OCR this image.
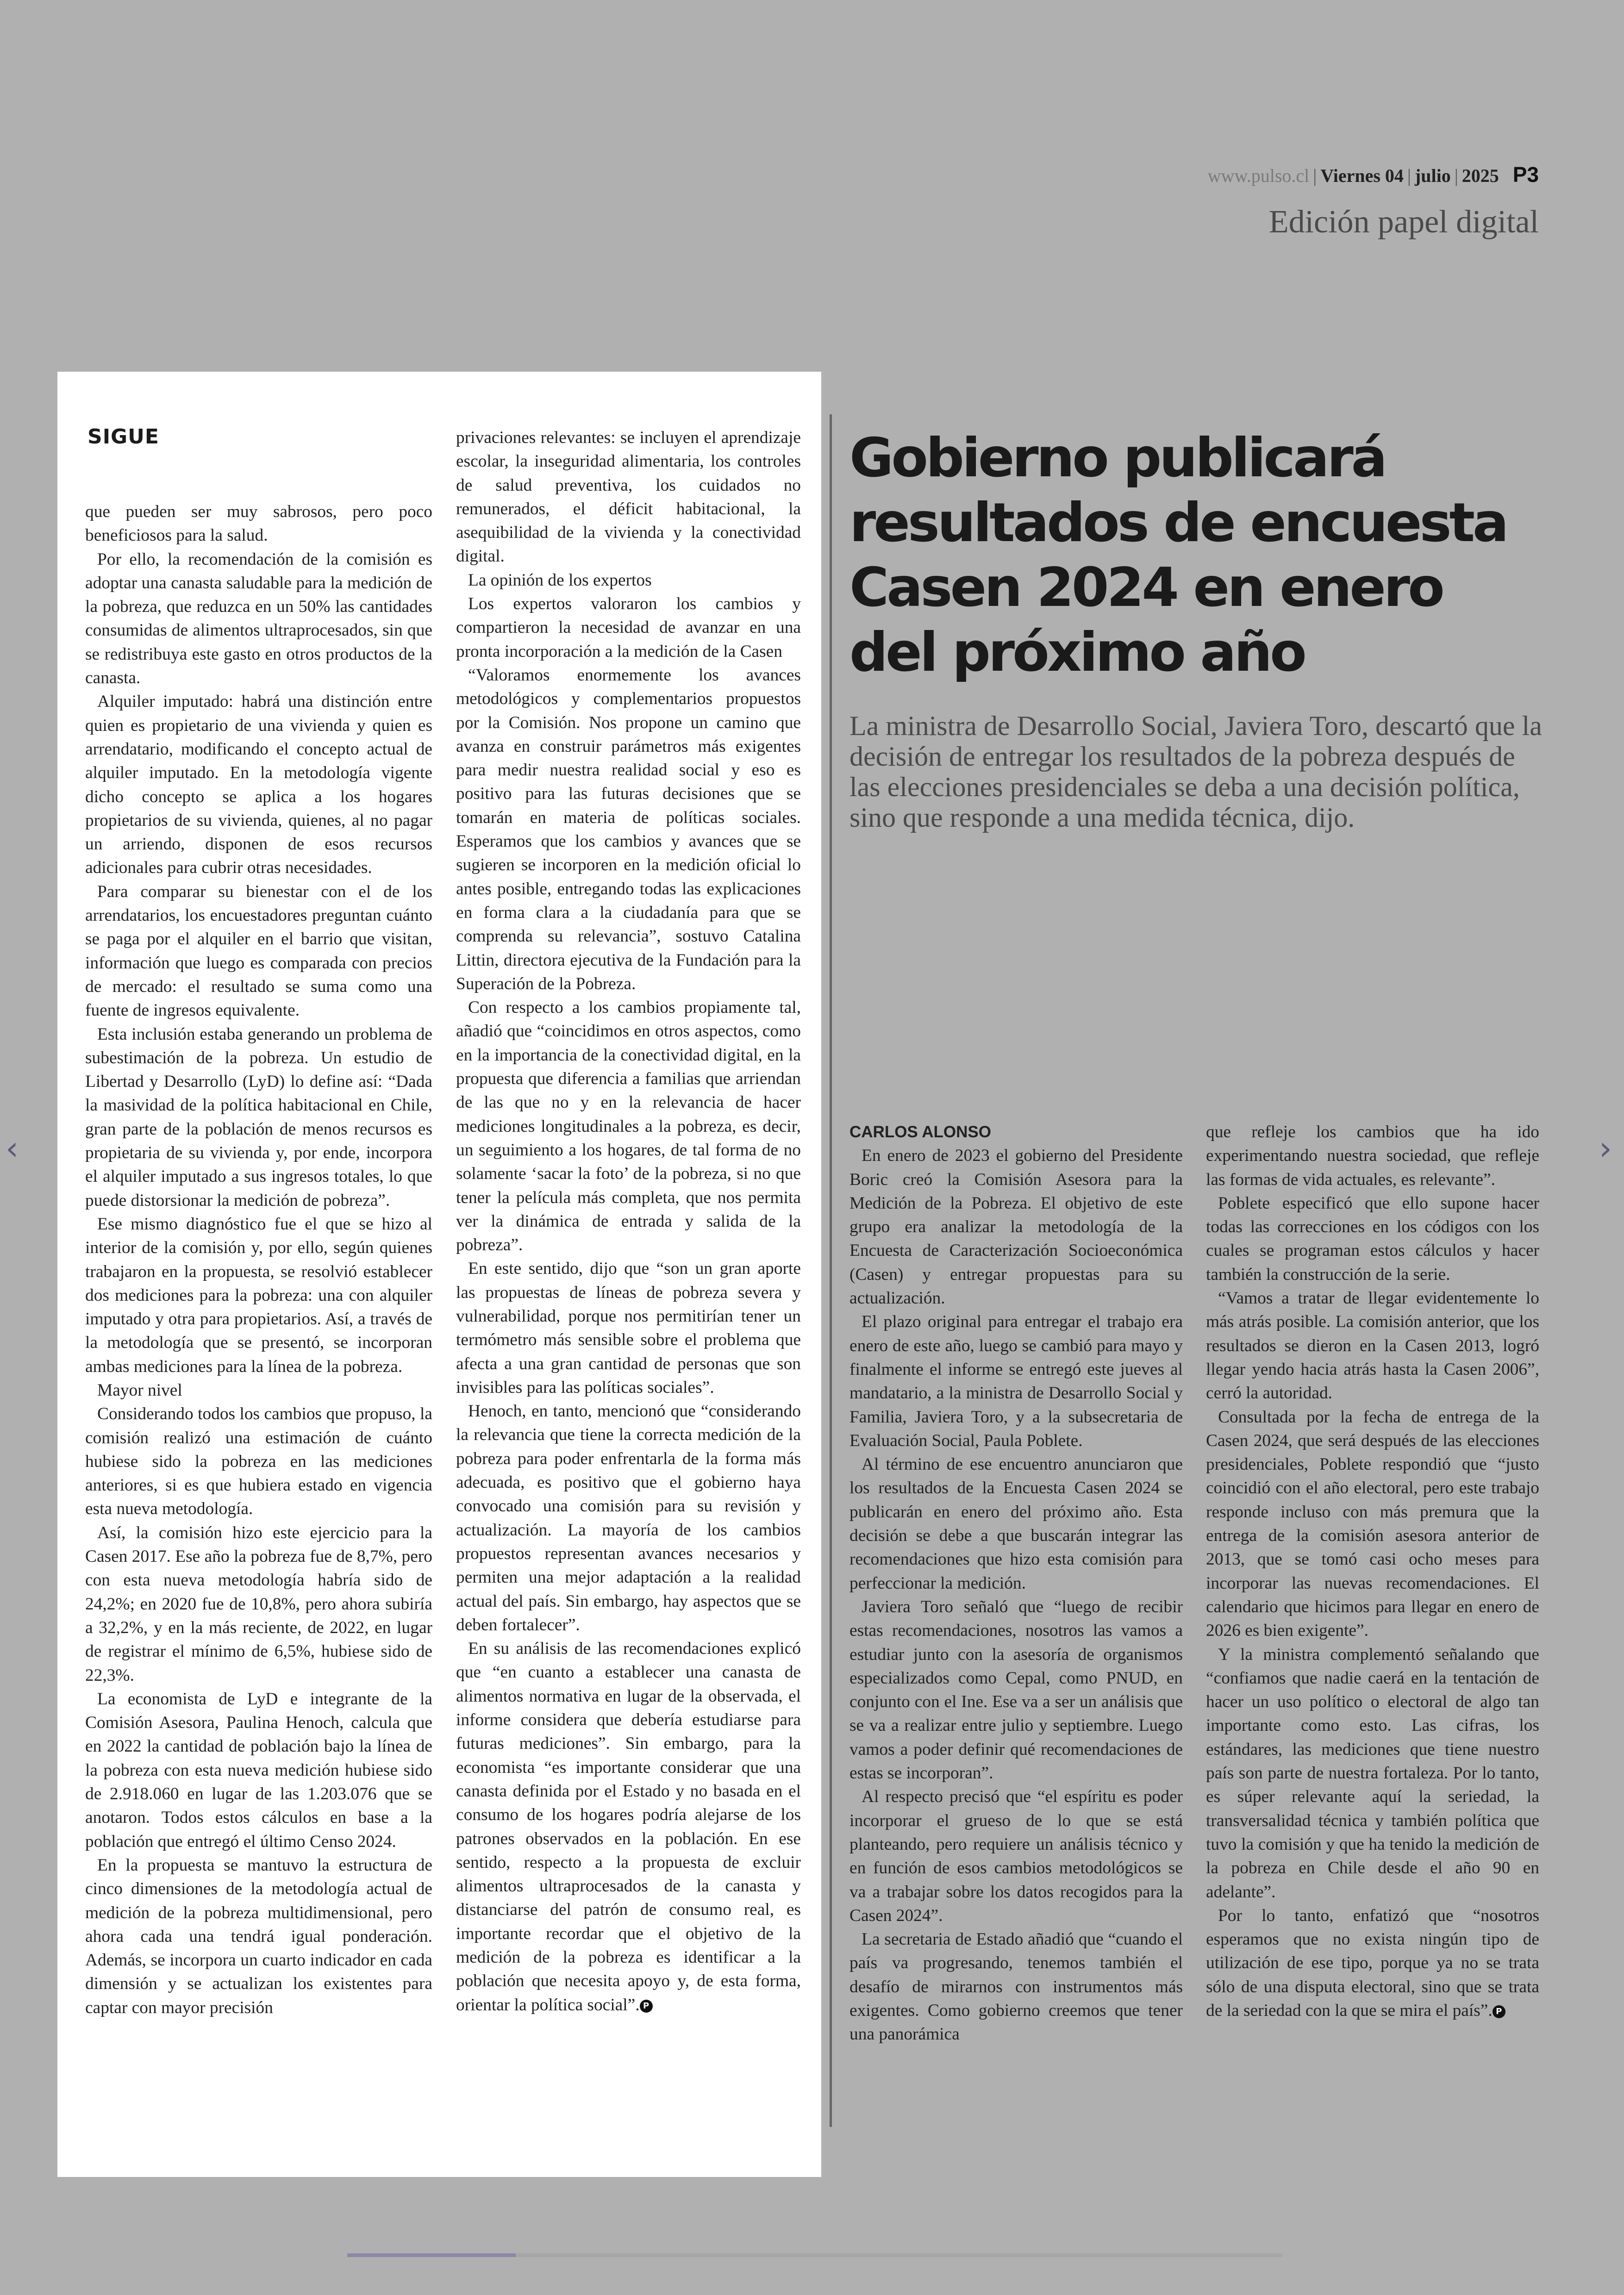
www.pulso.cl | Viernes 04 | julio | 2025 P3
Edición papel digital
SIGUE

que pueden ser muy sabrosos, pero poco beneficiosos para la salud.

Por ello, la recomendación de la comisión es adoptar una canasta saludable para la medición de la pobreza, que reduzca en un 50% las cantidades consumidas de alimentos ultraprocesados, sin que se redistribuya este gasto en otros productos de la canasta.

Alquiler imputado: habrá una distinción entre quien es propietario de una vivienda y quien es arrendatario, modificando el concepto actual de alquiler imputado. En la metodología vigente dicho concepto se aplica a los hogares propietarios de su vivienda, quienes, al no pagar un arriendo, disponen de esos recursos adicionales para cubrir otras necesidades.

Para comparar su bienestar con el de los arrendatarios, los encuestadores preguntan cuánto se paga por el alquiler en el barrio que visitan, información que luego es comparada con precios de mercado: el resultado se suma como una fuente de ingresos equivalente.

Esta inclusión estaba generando un problema de subestimación de la pobreza. Un estudio de Libertad y Desarrollo (LyD) lo define así: “Dada la masividad de la política habitacional en Chile, gran parte de la población de menos recursos es propietaria de su vivienda y, por ende, incorpora el alquiler imputado a sus ingresos totales, lo que puede distorsionar la medición de pobreza”.

Ese mismo diagnóstico fue el que se hizo al interior de la comisión y, por ello, según quienes trabajaron en la propuesta, se resolvió establecer dos mediciones para la pobreza: una con alquiler imputado y otra para propietarios. Así, a través de la metodología que se presentó, se incorporan ambas mediciones para la línea de la pobreza.

Mayor nivel

Considerando todos los cambios que propuso, la comisión realizó una estimación de cuánto hubiese sido la pobreza en las mediciones anteriores, si es que hubiera estado en vigencia esta nueva metodología.

Así, la comisión hizo este ejercicio para la Casen 2017. Ese año la pobreza fue de 8,7%, pero con esta nueva metodología habría sido de 24,2%; en 2020 fue de 10,8%, pero ahora subiría a 32,2%, y en la más reciente, de 2022, en lugar de registrar el mínimo de 6,5%, hubiese sido de 22,3%.

La economista de LyD e integrante de la Comisión Asesora, Paulina Henoch, calcula que en 2022 la cantidad de población bajo la línea de la pobreza con esta nueva medición hubiese sido de 2.918.060 en lugar de las 1.203.076 que se anotaron. Todos estos cálculos en base a la población que entregó el último Censo 2024.

En la propuesta se mantuvo la estructura de cinco dimensiones de la metodología actual de medición de la pobreza multidimensional, pero ahora cada una tendrá igual ponderación. Además, se incorpora un cuarto indicador en cada dimensión y se actualizan los existentes para captar con mayor precisión

privaciones relevantes: se incluyen el aprendizaje escolar, la inseguridad alimentaria, los controles de salud preventiva, los cuidados no remunerados, el déficit habitacional, la asequibilidad de la vivienda y la conectividad digital.

La opinión de los expertos

Los expertos valoraron los cambios y compartieron la necesidad de avanzar en una pronta incorporación a la medición de la Casen

“Valoramos enormemente los avances metodológicos y complementarios propuestos por la Comisión. Nos propone un camino que avanza en construir parámetros más exigentes para medir nuestra realidad social y eso es positivo para las futuras decisiones que se tomarán en materia de políticas sociales. Esperamos que los cambios y avances que se sugieren se incorporen en la medición oficial lo antes posible, entregando todas las explicaciones en forma clara a la ciudadanía para que se comprenda su relevancia”, sostuvo Catalina Littin, directora ejecutiva de la Fundación para la Superación de la Pobreza.

Con respecto a los cambios propiamente tal, añadió que “coincidimos en otros aspectos, como en la importancia de la conectividad digital, en la propuesta que diferencia a familias que arriendan de las que no y en la relevancia de hacer mediciones longitudinales a la pobreza, es decir, un seguimiento a los hogares, de tal forma de no solamente ‘sacar la foto’ de la pobreza, si no que tener la película más completa, que nos permita ver la dinámica de entrada y salida de la pobreza”.

En este sentido, dijo que “son un gran aporte las propuestas de líneas de pobreza severa y vulnerabilidad, porque nos permitirían tener un termómetro más sensible sobre el problema que afecta a una gran cantidad de personas que son invisibles para las políticas sociales”.

Henoch, en tanto, mencionó que “considerando la relevancia que tiene la correcta medición de la pobreza para poder enfrentarla de la forma más adecuada, es positivo que el gobierno haya convocado una comisión para su revisión y actualización. La mayoría de los cambios propuestos representan avances necesarios y permiten una mejor adaptación a la realidad actual del país. Sin embargo, hay aspectos que se deben fortalecer”.

En su análisis de las recomendaciones explicó que “en cuanto a establecer una canasta de alimentos normativa en lugar de la observada, el informe considera que debería estudiarse para futuras mediciones”. Sin embargo, para la economista “es importante considerar que una canasta definida por el Estado y no basada en el consumo de los hogares podría alejarse de los patrones observados en la población. En ese sentido, respecto a la propuesta de excluir alimentos ultraprocesados de la canasta y distanciarse del patrón de consumo real, es importante recordar que el objetivo de la medición de la pobreza es identificar a la población que necesita apoyo y, de esta forma, orientar la política social”. P

Gobierno publicará resultados de encuesta Casen 2024 en enero del próximo año
La ministra de Desarrollo Social, Javiera Toro, descartó que la decisión de entregar los resultados de la pobreza después de las elecciones presidenciales se deba a una decisión política, sino que responde a una medida técnica, dijo.

CARLOS ALONSO

En enero de 2023 el gobierno del Presidente Boric creó la Comisión Asesora para la Medición de la Pobreza. El objetivo de este grupo era analizar la metodología de la Encuesta de Caracterización Socioeconómica (Casen) y entregar propuestas para su actualización.

El plazo original para entregar el trabajo era enero de este año, luego se cambió para mayo y finalmente el informe se entregó este jueves al mandatario, a la ministra de Desarrollo Social y Familia, Javiera Toro, y a la subsecretaria de Evaluación Social, Paula Poblete.

Al término de ese encuentro anunciaron que los resultados de la Encuesta Casen 2024 se publicarán en enero del próximo año. Esta decisión se debe a que buscarán integrar las recomendaciones que hizo esta comisión para perfeccionar la medición.

Javiera Toro señaló que “luego de recibir estas recomendaciones, nosotros las vamos a estudiar junto con la asesoría de organismos especializados como Cepal, como PNUD, en conjunto con el Ine. Ese va a ser un análisis que se va a realizar entre julio y septiembre. Luego vamos a poder definir qué recomendaciones de estas se incorporan”.

Al respecto precisó que “el espíritu es poder incorporar el grueso de lo que se está planteando, pero requiere un análisis técnico y en función de esos cambios metodológicos se va a trabajar sobre los datos recogidos para la Casen 2024”.

La secretaria de Estado añadió que “cuando el país va progresando, tenemos también el desafío de mirarnos con instrumentos más exigentes. Como gobierno creemos que tener una panorámica

que refleje los cambios que ha ido experimentando nuestra sociedad, que refleje las formas de vida actuales, es relevante”.

Poblete especificó que ello supone hacer todas las correcciones en los códigos con los cuales se programan estos cálculos y hacer también la construcción de la serie.

“Vamos a tratar de llegar evidentemente lo más atrás posible. La comisión anterior, que los resultados se dieron en la Casen 2013, logró llegar yendo hacia atrás hasta la Casen 2006”, cerró la autoridad.

Consultada por la fecha de entrega de la Casen 2024, que será después de las elecciones presidenciales, Poblete respondió que “justo coincidió con el año electoral, pero este trabajo responde incluso con más premura que la entrega de la comisión asesora anterior de 2013, que se tomó casi ocho meses para incorporar las nuevas recomendaciones. El calendario que hicimos para llegar en enero de 2026 es bien exigente”.

Y la ministra complementó señalando que “confiamos que nadie caerá en la tentación de hacer un uso político o electoral de algo tan importante como esto. Las cifras, los estándares, las mediciones que tiene nuestro país son parte de nuestra fortaleza. Por lo tanto, es súper relevante aquí la seriedad, la transversalidad técnica y también política que tuvo la comisión y que ha tenido la medición de la pobreza en Chile desde el año 90 en adelante”.

Por lo tanto, enfatizó que “nosotros esperamos que no exista ningún tipo de utilización de ese tipo, porque ya no se trata sólo de una disputa electoral, sino que se trata de la seriedad con la que se mira el país”. P

‹	›
